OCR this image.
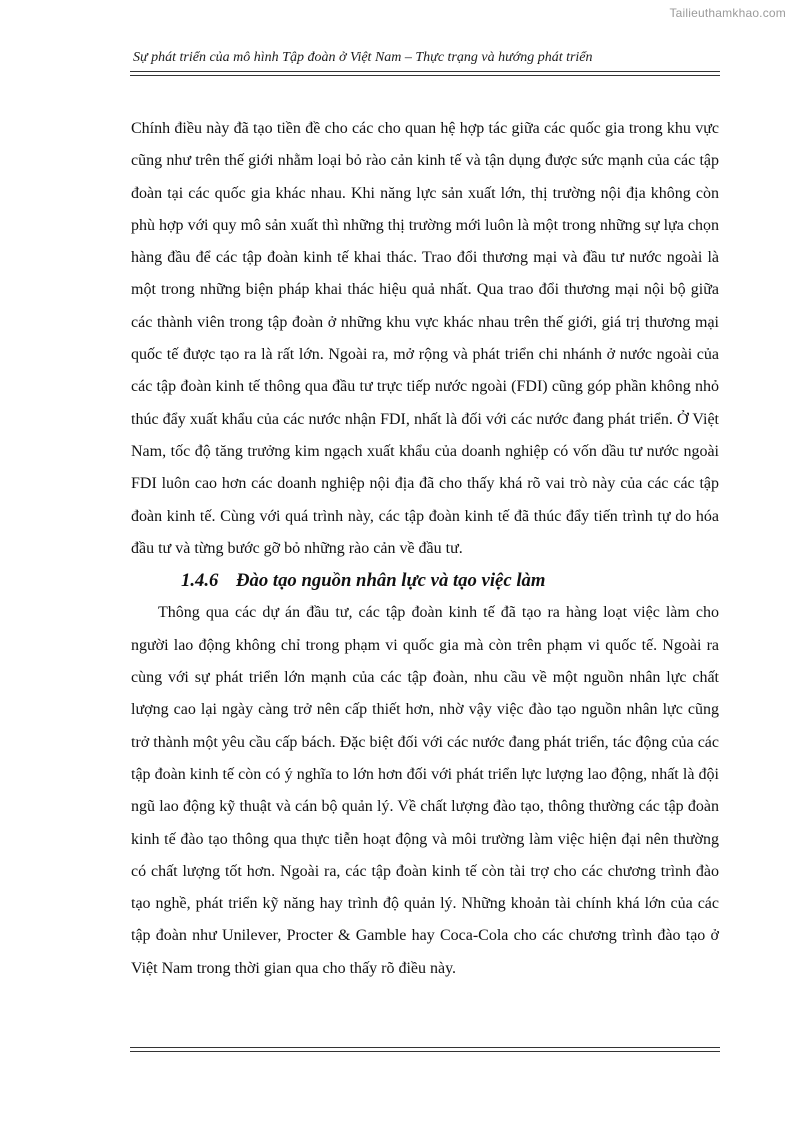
Tailieuthamkhao.com
Sự phát triển của mô hình Tập đoàn ở Việt Nam – Thực trạng và hướng phát triển

Chính điều này đã tạo tiền đề cho các cho quan hệ hợp tác giữa các quốc gia trong khu vực cũng như trên thế giới nhằm loại bỏ rào cản kinh tế và tận dụng được sức mạnh của các tập đoàn tại các quốc gia khác nhau. Khi năng lực sản xuất lớn, thị trường nội địa không còn phù hợp với quy mô sản xuất thì những thị trường mới luôn là một trong những sự lựa chọn hàng đầu để các tập đoàn kinh tế khai thác. Trao đổi thương mại và đầu tư nước ngoài là một trong những biện pháp khai thác hiệu quả nhất. Qua trao đổi thương mại nội bộ giữa các thành viên trong tập đoàn ở những khu vực khác nhau trên thế giới, giá trị thương mại quốc tế được tạo ra là rất lớn. Ngoài ra, mở rộng và phát triển chi nhánh ở nước ngoài của các tập đoàn kinh tế thông qua đầu tư trực tiếp nước ngoài (FDI) cũng góp phần không nhỏ thúc đẩy xuất khẩu của các nước nhận FDI, nhất là đối với các nước đang phát triển. Ở Việt Nam, tốc độ tăng trưởng kim ngạch xuất khẩu của doanh nghiệp có vốn dầu tư nước ngoài FDI luôn cao hơn các doanh nghiệp nội địa đã cho thấy khá rõ vai trò này của các các tập đoàn kinh tế. Cùng với quá trình này, các tập đoàn kinh tế đã thúc đẩy tiến trình tự do hóa đầu tư và từng bước gỡ bỏ những rào cản về đầu tư.

1.4.6 Đào tạo nguồn nhân lực và tạo việc làm

Thông qua các dự án đầu tư, các tập đoàn kinh tế đã tạo ra hàng loạt việc làm cho người lao động không chỉ trong phạm vi quốc gia mà còn trên phạm vi quốc tế. Ngoài ra cùng với sự phát triển lớn mạnh của các tập đoàn, nhu cầu về một nguồn nhân lực chất lượng cao lại ngày càng trở nên cấp thiết hơn, nhờ vậy việc đào tạo nguồn nhân lực cũng trở thành một yêu cầu cấp bách. Đặc biệt đối với các nước đang phát triển, tác động của các tập đoàn kinh tế còn có ý nghĩa to lớn hơn đối với phát triển lực lượng lao động, nhất là đội ngũ lao động kỹ thuật và cán bộ quản lý. Về chất lượng đào tạo, thông thường các tập đoàn kinh tế đào tạo thông qua thực tiễn hoạt động và môi trường làm việc hiện đại nên thường có chất lượng tốt hơn. Ngoài ra, các tập đoàn kinh tế còn tài trợ cho các chương trình đào tạo nghề, phát triển kỹ năng hay trình độ quản lý. Những khoản tài chính khá lớn của các tập đoàn như Unilever, Procter & Gamble hay Coca-Cola cho các chương trình đào tạo ở Việt Nam trong thời gian qua cho thấy rõ điều này.
